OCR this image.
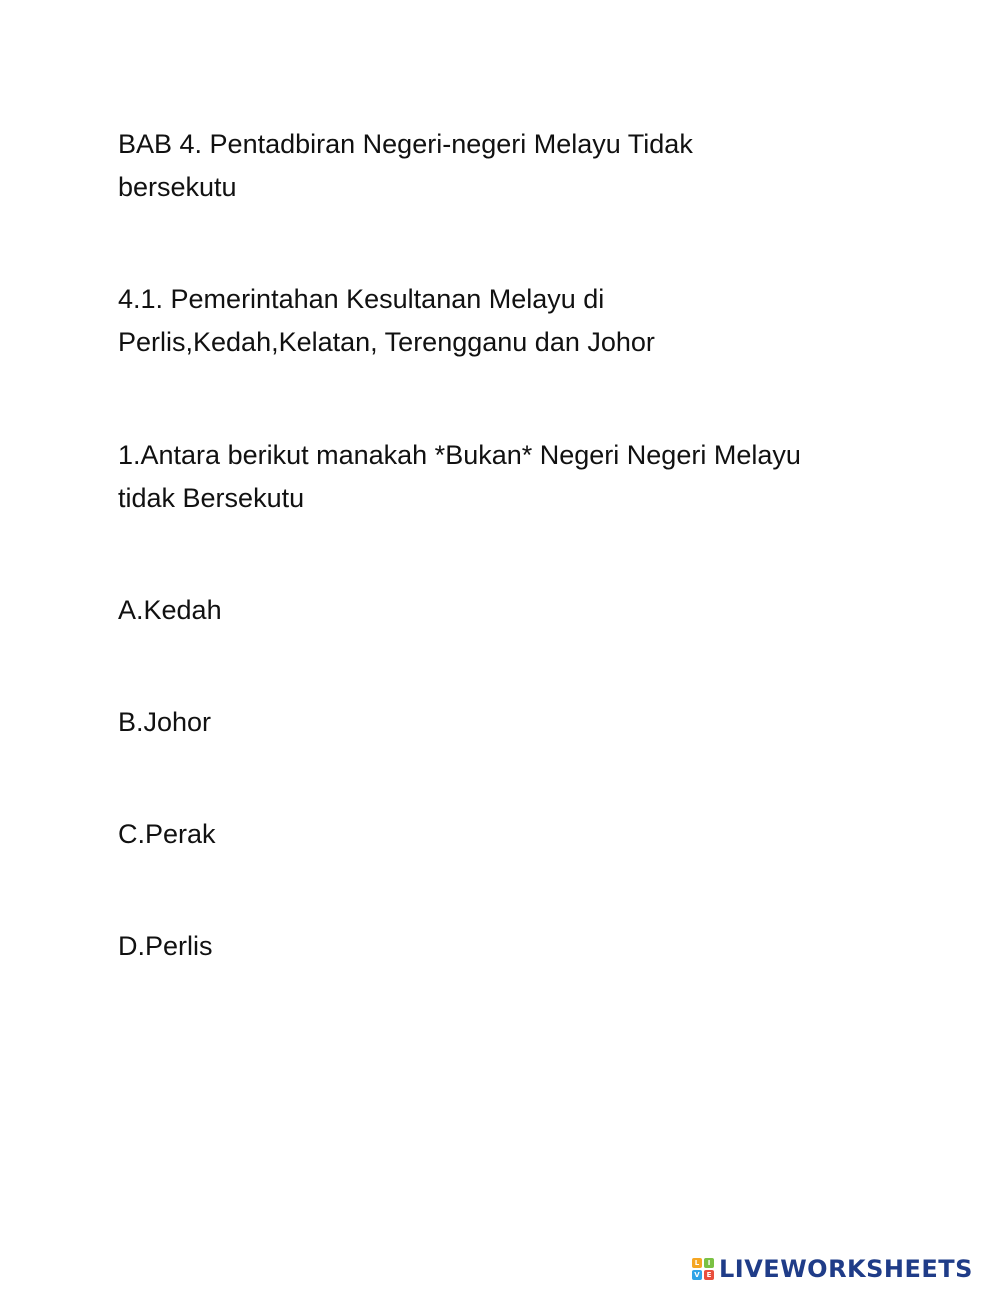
BAB 4. Pentadbiran Negeri-negeri Melayu Tidak
bersekutu
4.1. Pemerintahan Kesultanan Melayu di
Perlis,Kedah,Kelatan, Terengganu dan Johor
1.Antara berikut manakah *Bukan* Negeri Negeri Melayu
tidak Bersekutu
A.Kedah
B.Johor
C.Perak
D.Perlis
L	I
V E LIVEWORKSHEETS
